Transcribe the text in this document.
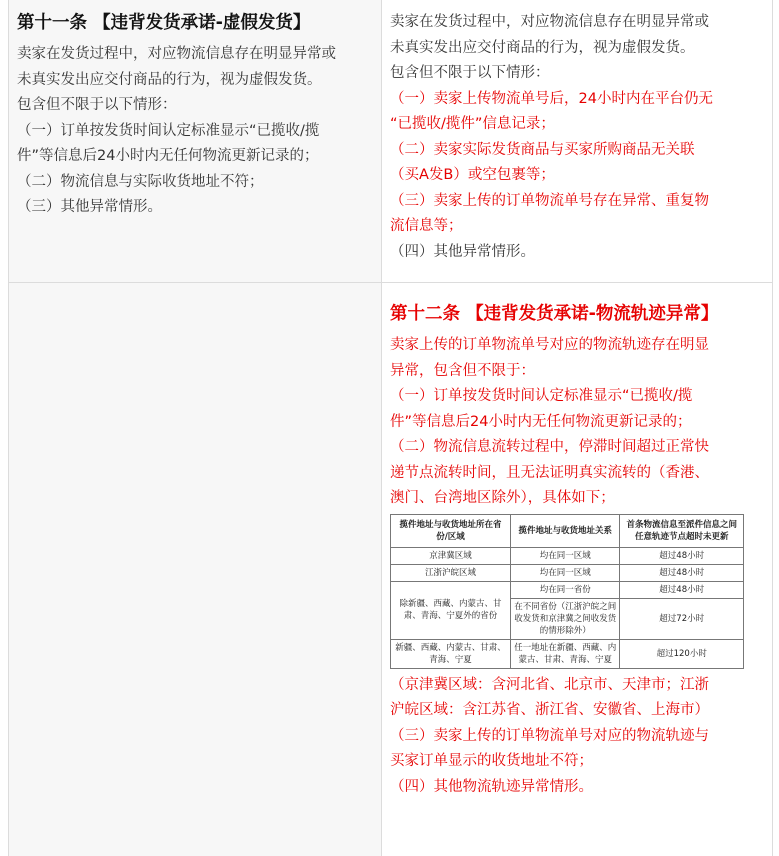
第十一条 【违背发货承诺-虚假发货】

卖家在发货过程中，对应物流信息存在明显异常或

未真实发出应交付商品的行为，视为虚假发货。

包含但不限于以下情形：

（一）订单按发货时间认定标准显示“已揽收/揽

件”等信息后24小时内无任何物流更新记录的；

（二）物流信息与实际收货地址不符；

（三）其他异常情形。

卖家在发货过程中，对应物流信息存在明显异常或

未真实发出应交付商品的行为，视为虚假发货。

包含但不限于以下情形：

（一）卖家上传物流单号后，24小时内在平台仍无

“已揽收/揽件”信息记录；

（二）卖家实际发货商品与买家所购商品无关联

（买A发B）或空包裹等；

（三）卖家上传的订单物流单号存在异常、重复物

流信息等；

（四）其他异常情形。

第十二条 【违背发货承诺-物流轨迹异常】

卖家上传的订单物流单号对应的物流轨迹存在明显

异常，包含但不限于：

（一）订单按发货时间认定标准显示“已揽收/揽

件”等信息后24小时内无任何物流更新记录的；

（二）物流信息流转过程中，停滞时间超过正常快

递节点流转时间，且无法证明真实流转的（香港、

澳门、台湾地区除外），具体如下；

揽件地址与收货地址所在省份/区域	揽件地址与收货地址关系	首条物流信息至派件信息之间任意轨迹节点超时未更新
京津冀区域	均在同一区域	超过48小时
江浙沪皖区域	均在同一区域	超过48小时
除新疆、西藏、内蒙古、甘肃、青海、宁夏外的省份	均在同一省份	超过48小时
	在不同省份（江浙沪皖之间收发货和京津冀之间收发货的情形除外）	超过72小时
新疆、西藏、内蒙古、甘肃、青海、宁夏	任一地址在新疆、西藏、内蒙古、甘肃、青海、宁夏	超过120小时

（京津冀区域：含河北省、北京市、天津市；江浙

沪皖区域：含江苏省、浙江省、安徽省、上海市）

（三）卖家上传的订单物流单号对应的物流轨迹与

买家订单显示的收货地址不符；

（四）其他物流轨迹异常情形。
